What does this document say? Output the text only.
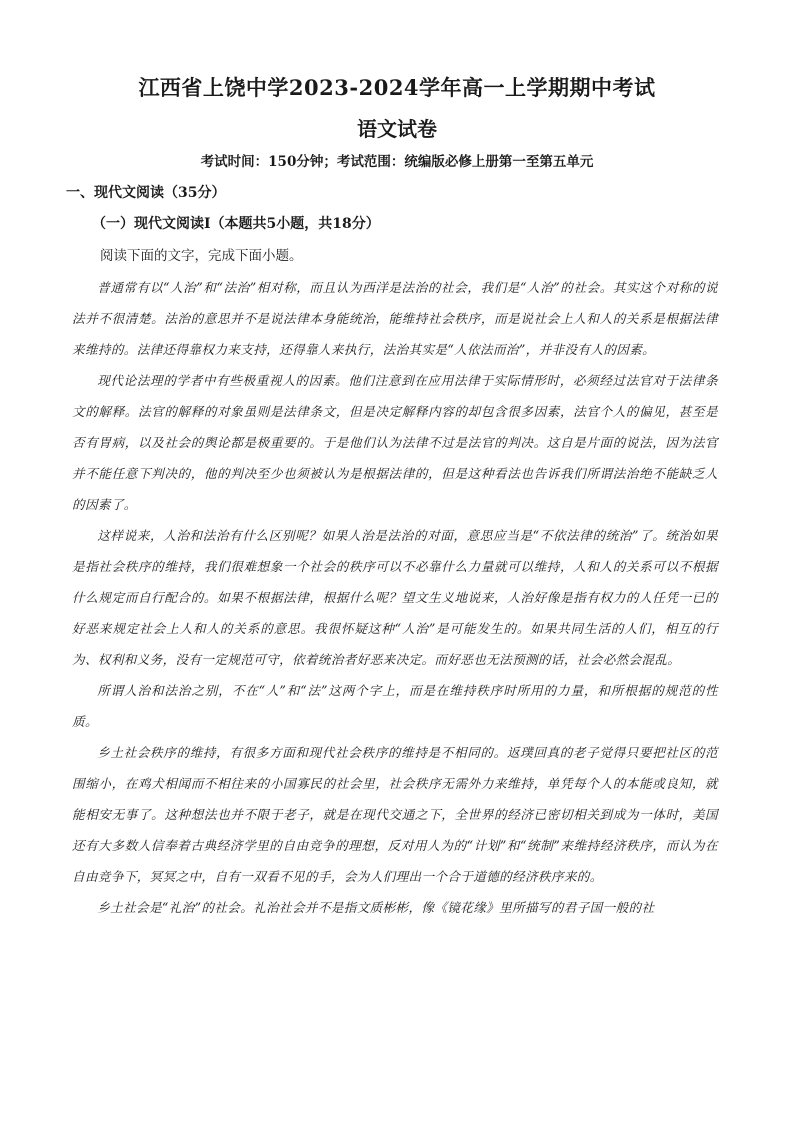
江西省上饶中学2023-2024学年高一上学期期中考试
语文试卷
考试时间：150分钟；考试范围：统编版必修上册第一至第五单元
一、现代文阅读（35分）
（一）现代文阅读Ⅰ（本题共5小题，共18分）
阅读下面的文字，完成下面小题。

普通常有以“人治”和“法治”相对称，而且认为西洋是法治的社会，我们是“人治”的社会。其实这个对称的说法并不很清楚。法治的意思并不是说法律本身能统治，能维持社会秩序，而是说社会上人和人的关系是根据法律来维持的。法律还得靠权力来支持，还得靠人来执行，法治其实是“人依法而治”，并非没有人的因素。

现代论法理的学者中有些极重视人的因素。他们注意到在应用法律于实际情形时，必须经过法官对于法律条文的解释。法官的解释的对象虽则是法律条文，但是决定解释内容的却包含很多因素，法官个人的偏见，甚至是否有胃病，以及社会的舆论都是极重要的。于是他们认为法律不过是法官的判决。这自是片面的说法，因为法官并不能任意下判决的，他的判决至少也须被认为是根据法律的，但是这种看法也告诉我们所谓法治绝不能缺乏人的因素了。

这样说来，人治和法治有什么区别呢？如果人治是法治的对面，意思应当是“不依法律的统治”了。统治如果是指社会秩序的维持，我们很难想象一个社会的秩序可以不必靠什么力量就可以维持，人和人的关系可以不根据什么规定而自行配合的。如果不根据法律，根据什么呢？望文生义地说来，人治好像是指有权力的人任凭一已的好恶来规定社会上人和人的关系的意思。我很怀疑这种“人治”是可能发生的。如果共同生活的人们，相互的行为、权利和义务，没有一定规范可守，依着统治者好恶来决定。而好恶也无法预测的话，社会必然会混乱。

所谓人治和法治之别，不在“人”和“法”这两个字上，而是在维持秩序时所用的力量，和所根据的规范的性质。

乡土社会秩序的维持，有很多方面和现代社会秩序的维持是不相同的。返璞回真的老子觉得只要把社区的范围缩小，在鸡犬相闻而不相往来的小国寡民的社会里，社会秩序无需外力来维持，单凭每个人的本能或良知，就能相安无事了。这种想法也并不限于老子，就是在现代交通之下，全世界的经济已密切相关到成为一体时，美国还有大多数人信奉着古典经济学里的自由竞争的理想，反对用人为的“计划”和“统制”来维持经济秩序，而认为在自由竞争下，冥冥之中，自有一双看不见的手，会为人们理出一个合于道德的经济秩序来的。

乡土社会是“礼治”的社会。礼治社会并不是指文质彬彬，像《镜花缘》里所描写的君子国一般的社
